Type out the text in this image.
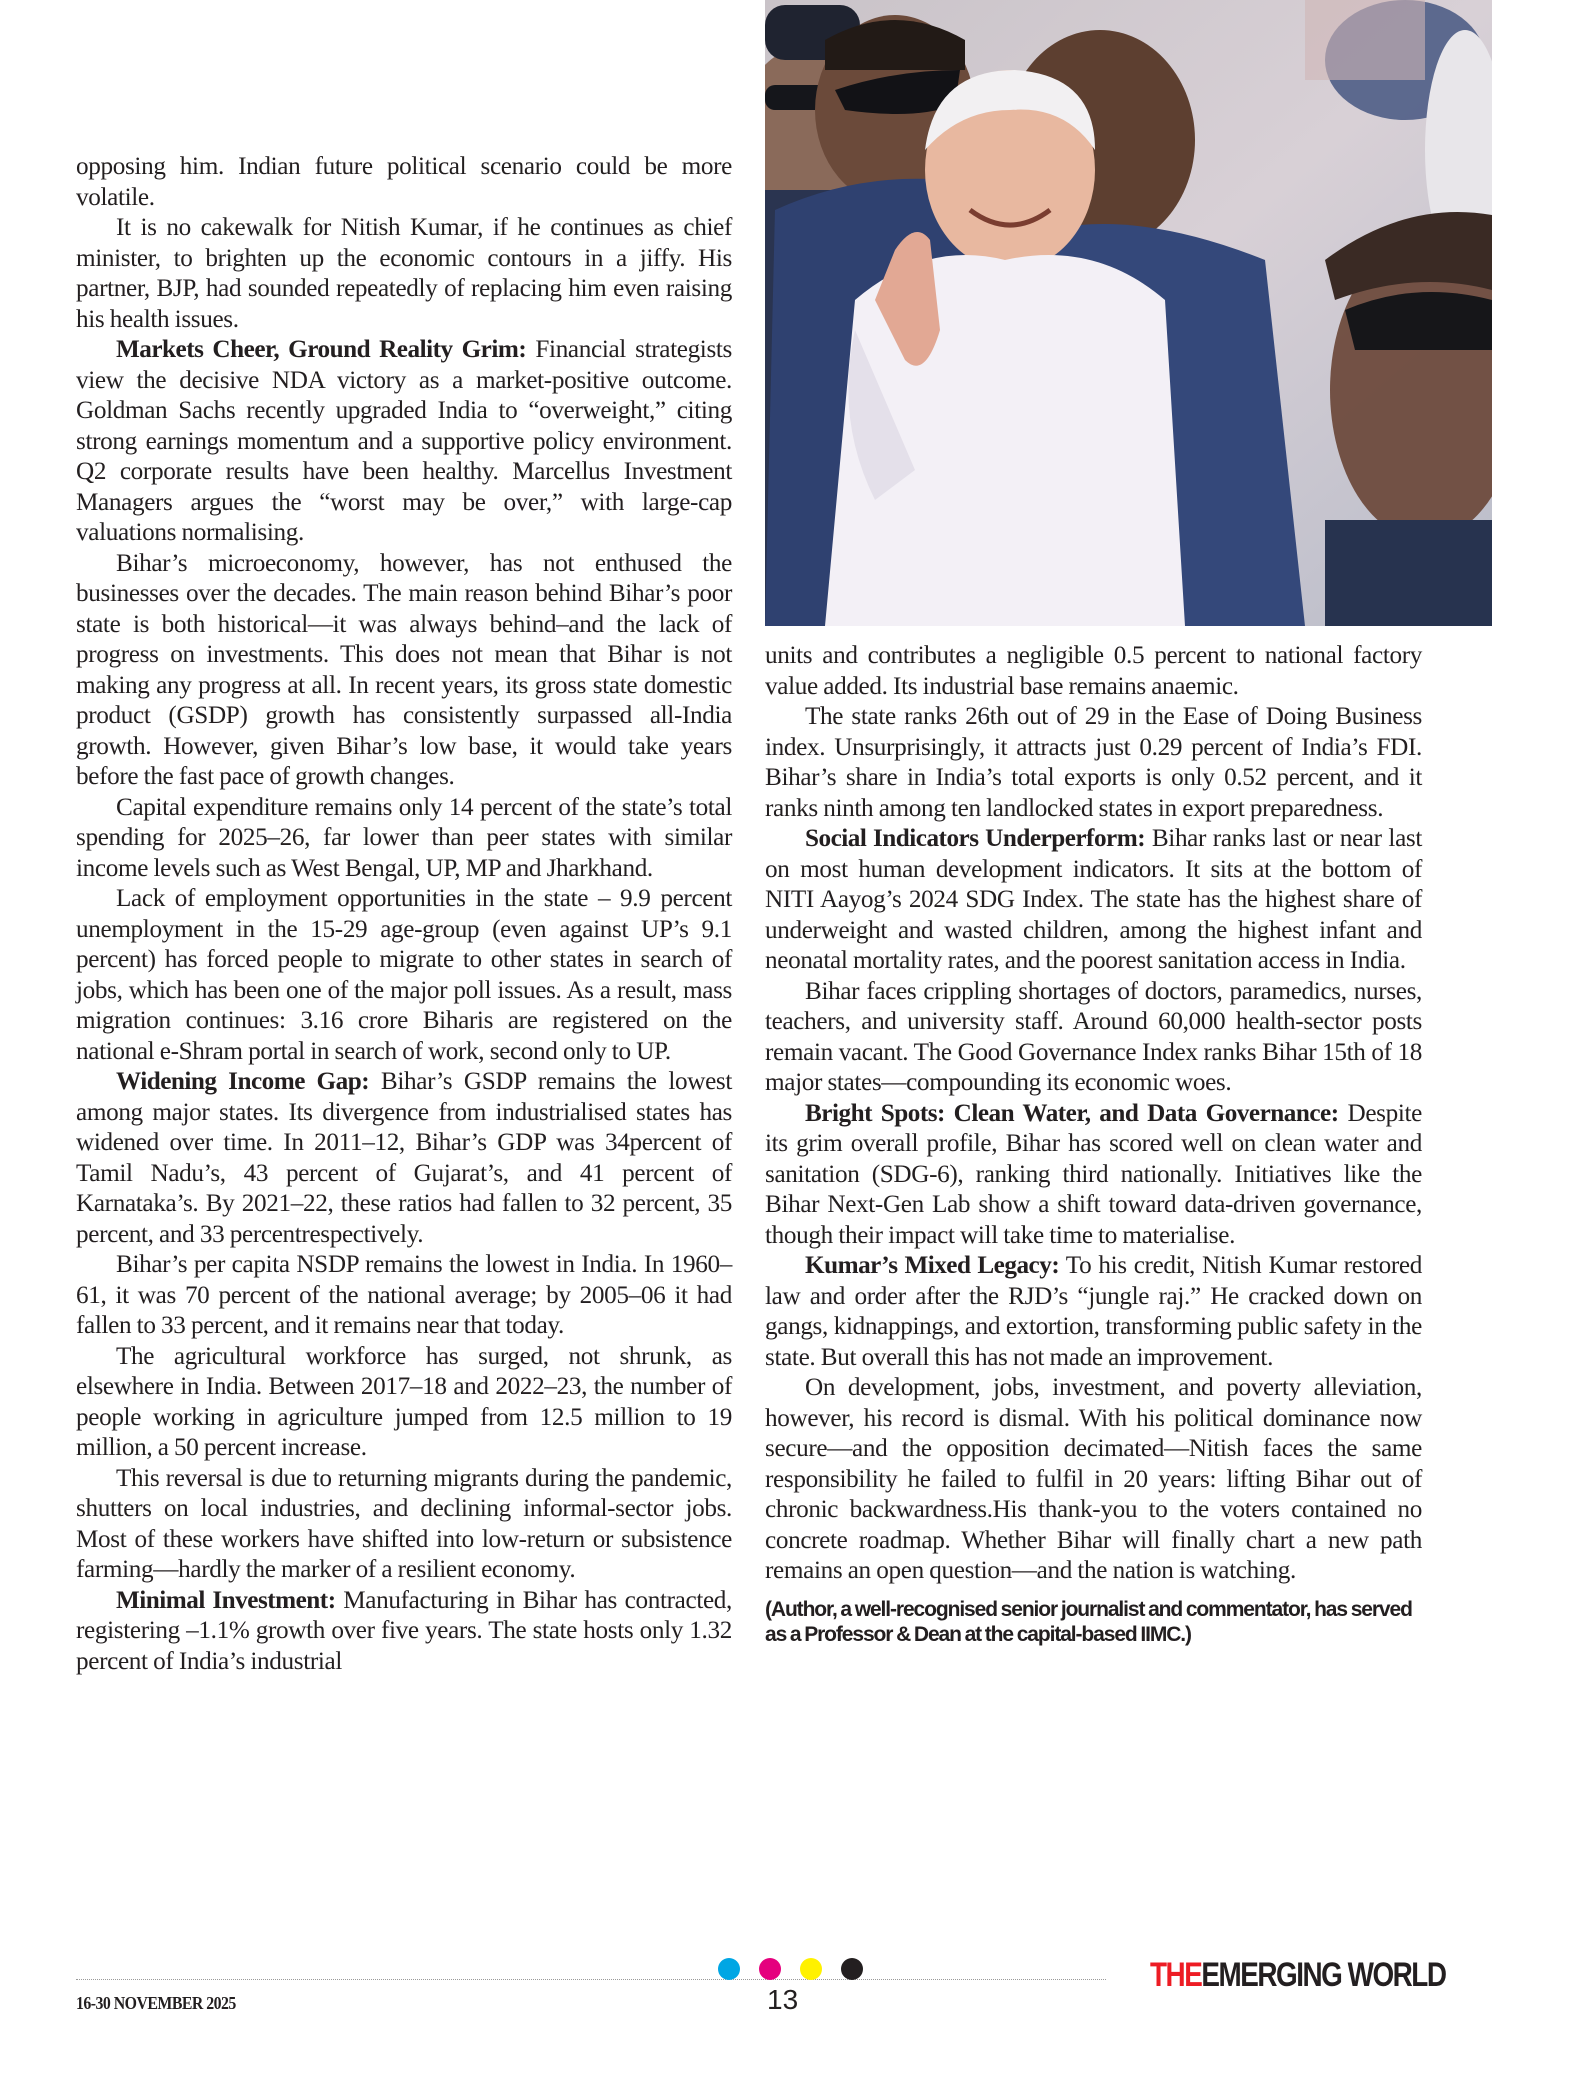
opposing him. Indian future political scenario could be more volatile.

It is no cakewalk for Nitish Kumar, if he continues as chief minister, to brighten up the economic contours in a jiffy. His partner, BJP, had sounded repeatedly of replacing him even raising his health issues.

Markets Cheer, Ground Reality Grim: Financial strategists view the decisive NDA victory as a market-positive outcome. Goldman Sachs recently upgraded India to “overweight,” citing strong earnings momentum and a supportive policy environment. Q2 corporate results have been healthy. Marcellus Investment Managers argues the “worst may be over,” with large-cap valuations normalising.

Bihar’s microeconomy, however, has not enthused the businesses over the decades. The main reason behind Bihar’s poor state is both historical—it was always behind–and the lack of progress on investments. This does not mean that Bihar is not making any progress at all. In recent years, its gross state domestic product (GSDP) growth has consistently surpassed all-India growth. However, given Bihar’s low base, it would take years before the fast pace of growth changes.

Capital expenditure remains only 14 percent of the state’s total spending for 2025–26, far lower than peer states with similar income levels such as West Bengal, UP, MP and Jharkhand.

Lack of employment opportunities in the state – 9.9 percent unemployment in the 15-29 age-group (even against UP’s 9.1 percent) has forced people to migrate to other states in search of jobs, which has been one of the major poll issues. As a result, mass migration continues: 3.16 crore Biharis are registered on the national e-Shram portal in search of work, second only to UP.

Widening Income Gap: Bihar’s GSDP remains the lowest among major states. Its divergence from industrialised states has widened over time. In 2011–12, Bihar’s GDP was 34percent of Tamil Nadu’s, 43 percent of Gujarat’s, and 41 percent of Karnataka’s. By 2021–22, these ratios had fallen to 32 percent, 35 percent, and 33 percentrespectively.

Bihar’s per capita NSDP remains the lowest in India. In 1960–61, it was 70 percent of the national average; by 2005–06 it had fallen to 33 percent, and it remains near that today.

The agricultural workforce has surged, not shrunk, as elsewhere in India. Between 2017–18 and 2022–23, the number of people working in agriculture jumped from 12.5 million to 19 million, a 50 percent increase.

This reversal is due to returning migrants during the pandemic, shutters on local industries, and declining informal-sector jobs. Most of these workers have shifted into low-return or subsistence farming—hardly the marker of a resilient economy.

Minimal Investment: Manufacturing in Bihar has contracted, registering –1.1% growth over five years. The state hosts only 1.32 percent of India’s industrial

units and contributes a negligible 0.5 percent to national factory value added. Its industrial base remains anaemic.

The state ranks 26th out of 29 in the Ease of Doing Business index. Unsurprisingly, it attracts just 0.29 percent of India’s FDI. Bihar’s share in India’s total exports is only 0.52 percent, and it ranks ninth among ten landlocked states in export preparedness.

Social Indicators Underperform: Bihar ranks last or near last on most human development indicators. It sits at the bottom of NITI Aayog’s 2024 SDG Index. The state has the highest share of underweight and wasted children, among the highest infant and neonatal mortality rates, and the poorest sanitation access in India.

Bihar faces crippling shortages of doctors, paramedics, nurses, teachers, and university staff. Around 60,000 health-sector posts remain vacant. The Good Governance Index ranks Bihar 15th of 18 major states—compounding its economic woes.

Bright Spots: Clean Water, and Data Governance: Despite its grim overall profile, Bihar has scored well on clean water and sanitation (SDG-6), ranking third nationally. Initiatives like the Bihar Next-Gen Lab show a shift toward data-driven governance, though their impact will take time to materialise.

Kumar’s Mixed Legacy: To his credit, Nitish Kumar restored law and order after the RJD’s “jungle raj.” He cracked down on gangs, kidnappings, and extortion, transforming public safety in the state. But overall this has not made an improvement.

On development, jobs, investment, and poverty alleviation, however, his record is dismal. With his political dominance now secure—and the opposition decimated—Nitish faces the same responsibility he failed to fulfil in 20 years: lifting Bihar out of chronic backwardness.His thank-you to the voters contained no concrete roadmap. Whether Bihar will finally chart a new path remains an open question—and the nation is watching.

(Author, a well-recognised senior journalist and commentator, has served as a Professor & Dean at the capital-based IIMC.)

16-30 NOVEMBER 2025	13
THEEMERGING WORLD
